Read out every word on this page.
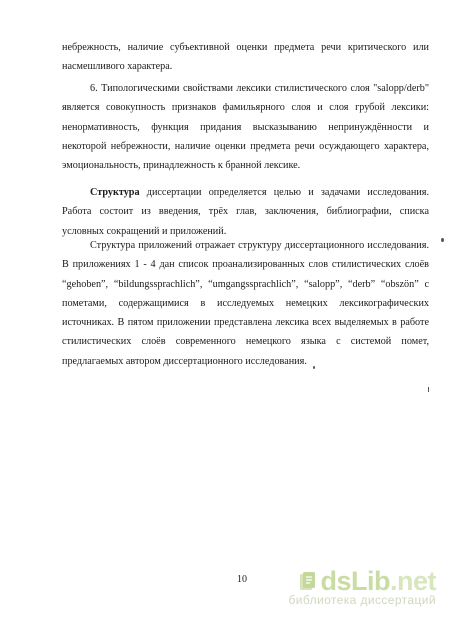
небрежность, наличие субъективной оценки предмета речи критического или насмешливого характера.
6. Типологическими свойствами лексики стилистического слоя "salopp/derb" является совокупность признаков фамильярного слоя и слоя грубой лексики: ненормативность, функция придания высказыванию непринуждённости и некоторой небрежности, наличие оценки предмета речи осуждающего характера, эмоциональность, принадлежность к бранной лексике.
Структура диссертации определяется целью и задачами исследования. Работа состоит из введения, трёх глав, заключения, библиографии, списка условных сокращений и приложений.
Структура приложений отражает структуру диссертационного исследования. В приложениях 1 - 4 дан список проанализированных слов стилистических слоёв “gehoben”, “bildungssprachlich”, “umgangssprachlich”, “salopp”, “derb” “obszön” с пометами, содержащимися в исследуемых немецких лексикографических источниках. В пятом приложении представлена лексика всех выделяемых в работе стилистических слоёв современного немецкого языка с системой помет, предлагаемых автором диссертационного исследования.
10	ds Lib .net
библиотека диссертаций
